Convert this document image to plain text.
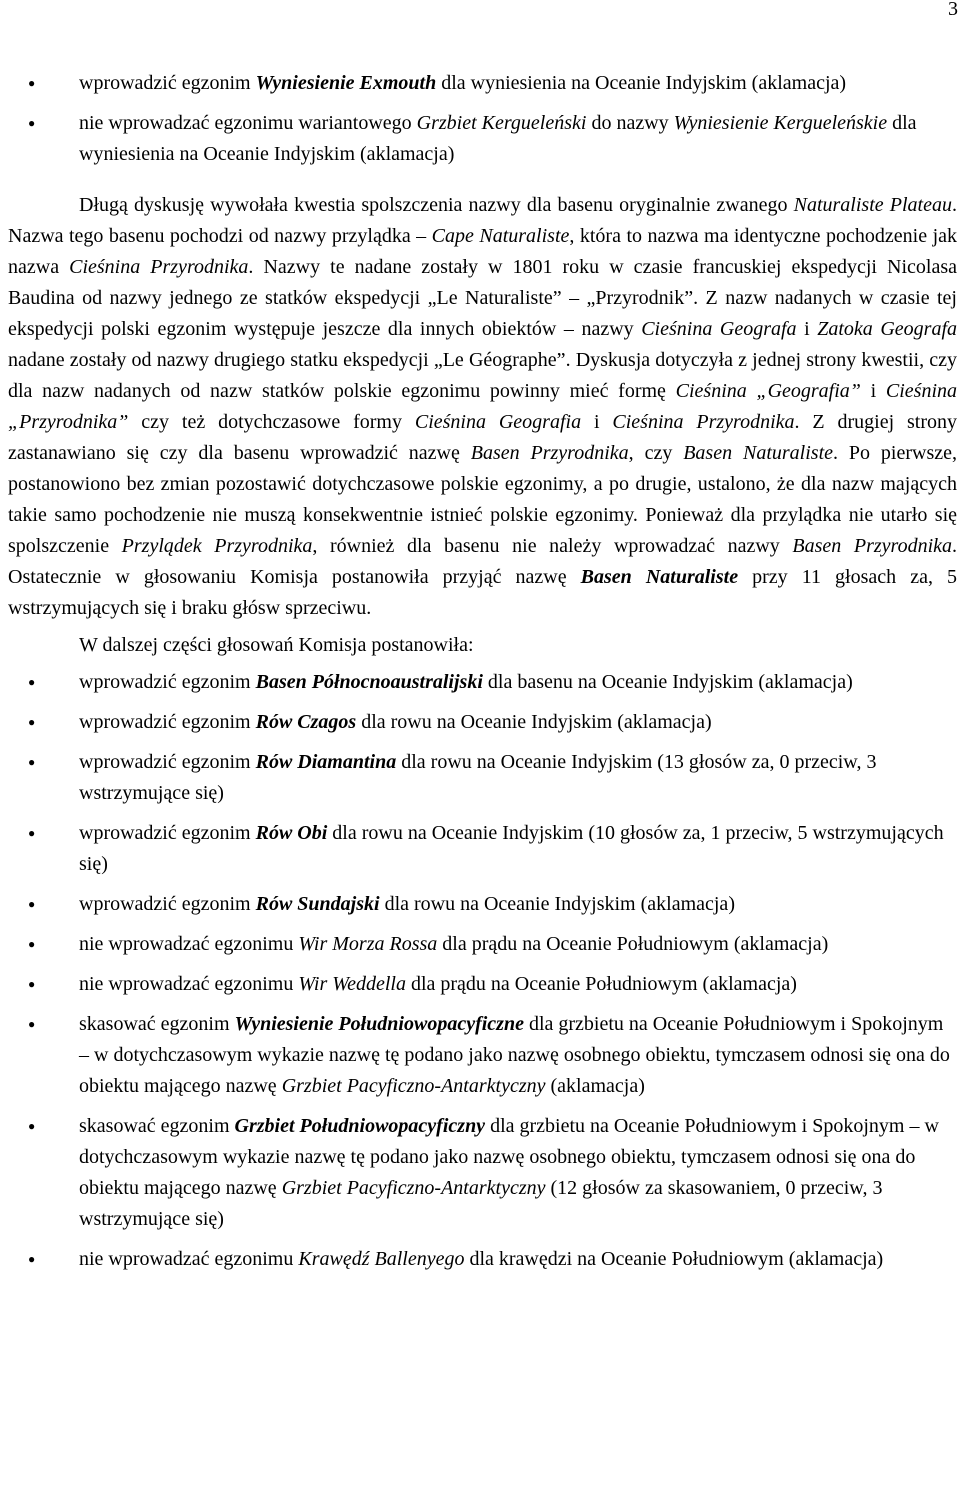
3
● wprowadzić egzonim Wyniesienie Exmouth dla wyniesienia na Oceanie Indyjskim (aklamacja)
● nie wprowadzać egzonimu wariantowego Grzbiet Kergueleński do nazwy Wyniesienie Kergueleńskie dla wyniesienia na Oceanie Indyjskim (aklamacja)

Długą dyskusję wywołała kwestia spolszczenia nazwy dla basenu oryginalnie zwanego Naturaliste Plateau. Nazwa tego basenu pochodzi od nazwy przylądka – Cape Naturaliste, która to nazwa ma identyczne pochodzenie jak nazwa Cieśnina Przyrodnika. Nazwy te nadane zostały w 1801 roku w czasie francuskiej ekspedycji Nicolasa Baudina od nazwy jednego ze statków ekspedycji „Le Naturaliste” – „Przyrodnik”. Z nazw nadanych w czasie tej ekspedycji polski egzonim występuje jeszcze dla innych obiektów – nazwy Cieśnina Geografa i Zatoka Geografa nadane zostały od nazwy drugiego statku ekspedycji „Le Géographe”. Dyskusja dotyczyła z jednej strony kwestii, czy dla nazw nadanych od nazw statków polskie egzonimu powinny mieć formę Cieśnina „Geografia” i Cieśnina „Przyrodnika” czy też dotychczasowe formy Cieśnina Geografia i Cieśnina Przyrodnika. Z drugiej strony zastanawiano się czy dla basenu wprowadzić nazwę Basen Przyrodnika, czy Basen Naturaliste. Po pierwsze, postanowiono bez zmian pozostawić dotychczasowe polskie egzonimy, a po drugie, ustalono, że dla nazw mających takie samo pochodzenie nie muszą konsekwentnie istnieć polskie egzonimy. Ponieważ dla przylądka nie utarło się spolszczenie Przylądek Przyrodnika, również dla basenu nie należy wprowadzać nazwy Basen Przyrodnika. Ostatecznie w głosowaniu Komisja postanowiła przyjąć nazwę Basen Naturaliste przy 11 głosach za, 5 wstrzymujących się i braku głósw sprzeciwu.

W dalszej części głosowań Komisja postanowiła:

● wprowadzić egzonim Basen Północnoaustralijski dla basenu na Oceanie Indyjskim (aklamacja)
● wprowadzić egzonim Rów Czagos dla rowu na Oceanie Indyjskim (aklamacja)
● wprowadzić egzonim Rów Diamantina dla rowu na Oceanie Indyjskim (13 głosów za, 0 przeciw, 3 wstrzymujące się)
● wprowadzić egzonim Rów Obi dla rowu na Oceanie Indyjskim (10 głosów za, 1 przeciw, 5 wstrzymujących się)
● wprowadzić egzonim Rów Sundajski dla rowu na Oceanie Indyjskim (aklamacja)
● nie wprowadzać egzonimu Wir Morza Rossa dla prądu na Oceanie Południowym (aklamacja)
● nie wprowadzać egzonimu Wir Weddella dla prądu na Oceanie Południowym (aklamacja)
● skasować egzonim Wyniesienie Południowopacyficzne dla grzbietu na Oceanie Południowym i Spokojnym – w dotychczasowym wykazie nazwę tę podano jako nazwę osobnego obiektu, tymczasem odnosi się ona do obiektu mającego nazwę Grzbiet Pacyficzno-Antarktyczny (aklamacja)
● skasować egzonim Grzbiet Południowopacyficzny dla grzbietu na Oceanie Południowym i Spokojnym – w dotychczasowym wykazie nazwę tę podano jako nazwę osobnego obiektu, tymczasem odnosi się ona do obiektu mającego nazwę Grzbiet Pacyficzno-Antarktyczny (12 głosów za skasowaniem, 0 przeciw, 3 wstrzymujące się)
● nie wprowadzać egzonimu Krawędź Ballenyego dla krawędzi na Oceanie Południowym (aklamacja)
